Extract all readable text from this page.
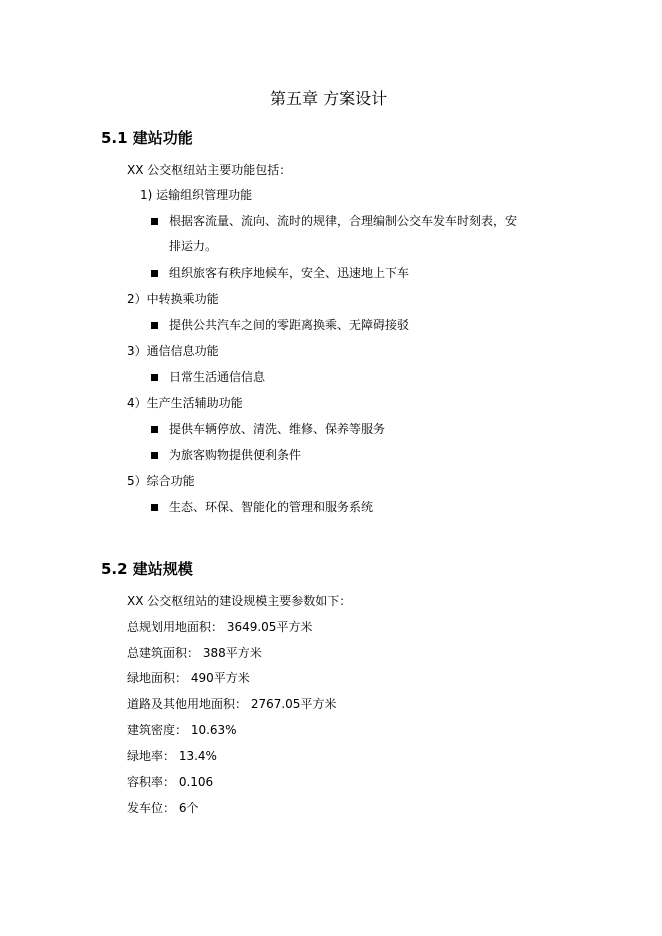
第五章 方案设计
5.1 建站功能
XX 公交枢纽站主要功能包括：
1) 运输组织管理功能
根据客流量、流向、流时的规律，合理编制公交车发车时刻表，安
排运力。
组织旅客有秩序地候车，安全、迅速地上下车
2）中转换乘功能
提供公共汽车之间的零距离换乘、无障碍接驳
3）通信信息功能
日常生活通信信息
4）生产生活辅助功能
提供车辆停放、清洗、维修、保养等服务
为旅客购物提供便利条件
5）综合功能
生态、环保、智能化的管理和服务系统
5.2 建站规模
XX 公交枢纽站的建设规模主要参数如下：
总规划用地面积： 3649.05平方米
总建筑面积： 388平方米
绿地面积： 490平方米
道路及其他用地面积： 2767.05平方米
建筑密度： 10.63%
绿地率： 13.4%
容积率： 0.106
发车位： 6个
